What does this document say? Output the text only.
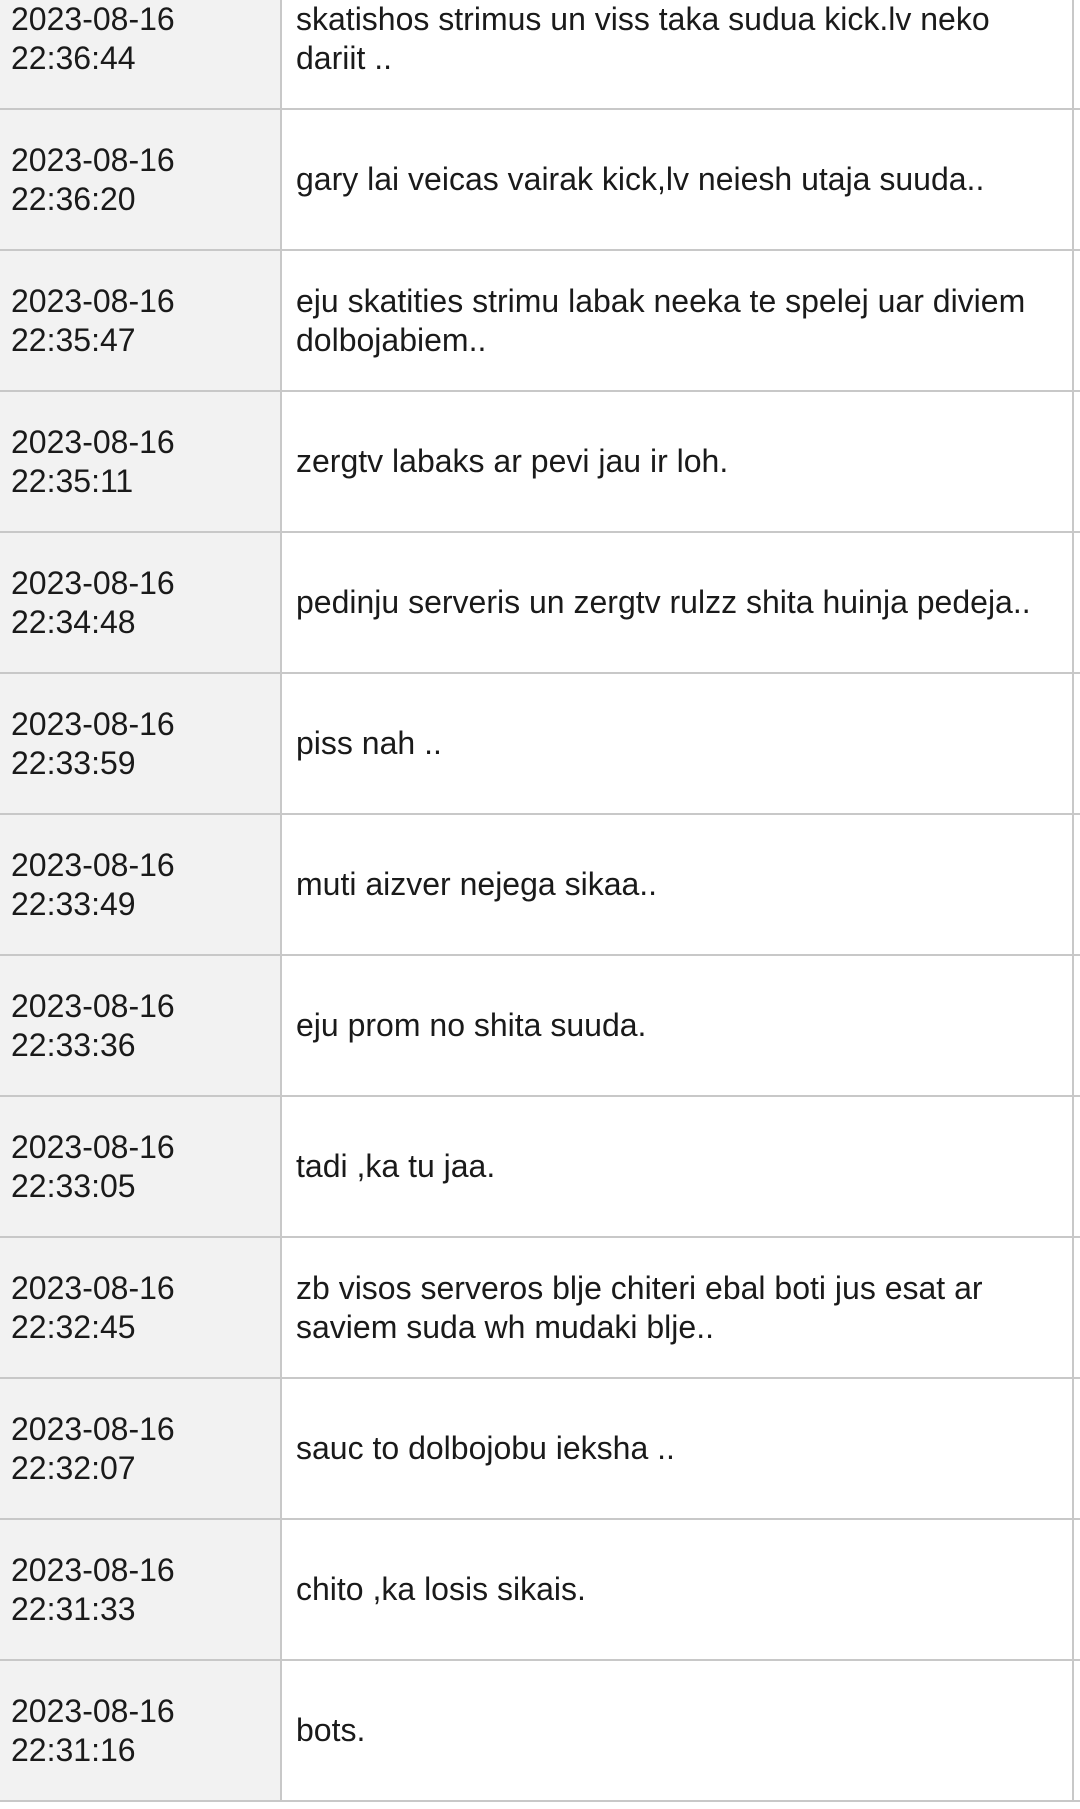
2023-08-16
22:36:44	skatishos strimus un viss taka sudua kick.lv neko dariit ..	

2023-08-16
22:36:20	gary lai veicas vairak kick,lv neiesh utaja suuda..	

2023-08-16
22:35:47	eju skatities strimu labak neeka te spelej uar diviem dolbojabiem..	

2023-08-16
22:35:11	zergtv labaks ar pevi jau ir loh.	

2023-08-16
22:34:48	pedinju serveris un zergtv rulzz shita huinja pedeja..	

2023-08-16
22:33:59	piss nah ..	

2023-08-16
22:33:49	muti aizver nejega sikaa..	

2023-08-16
22:33:36	eju prom no shita suuda.	

2023-08-16
22:33:05	tadi ,ka tu jaa.	

2023-08-16
22:32:45	zb visos serveros blje chiteri ebal boti jus esat ar saviem suda wh mudaki blje..	

2023-08-16
22:32:07	sauc to dolbojobu ieksha ..	

2023-08-16
22:31:33	chito ,ka losis sikais.	

2023-08-16
22:31:16	bots.	
